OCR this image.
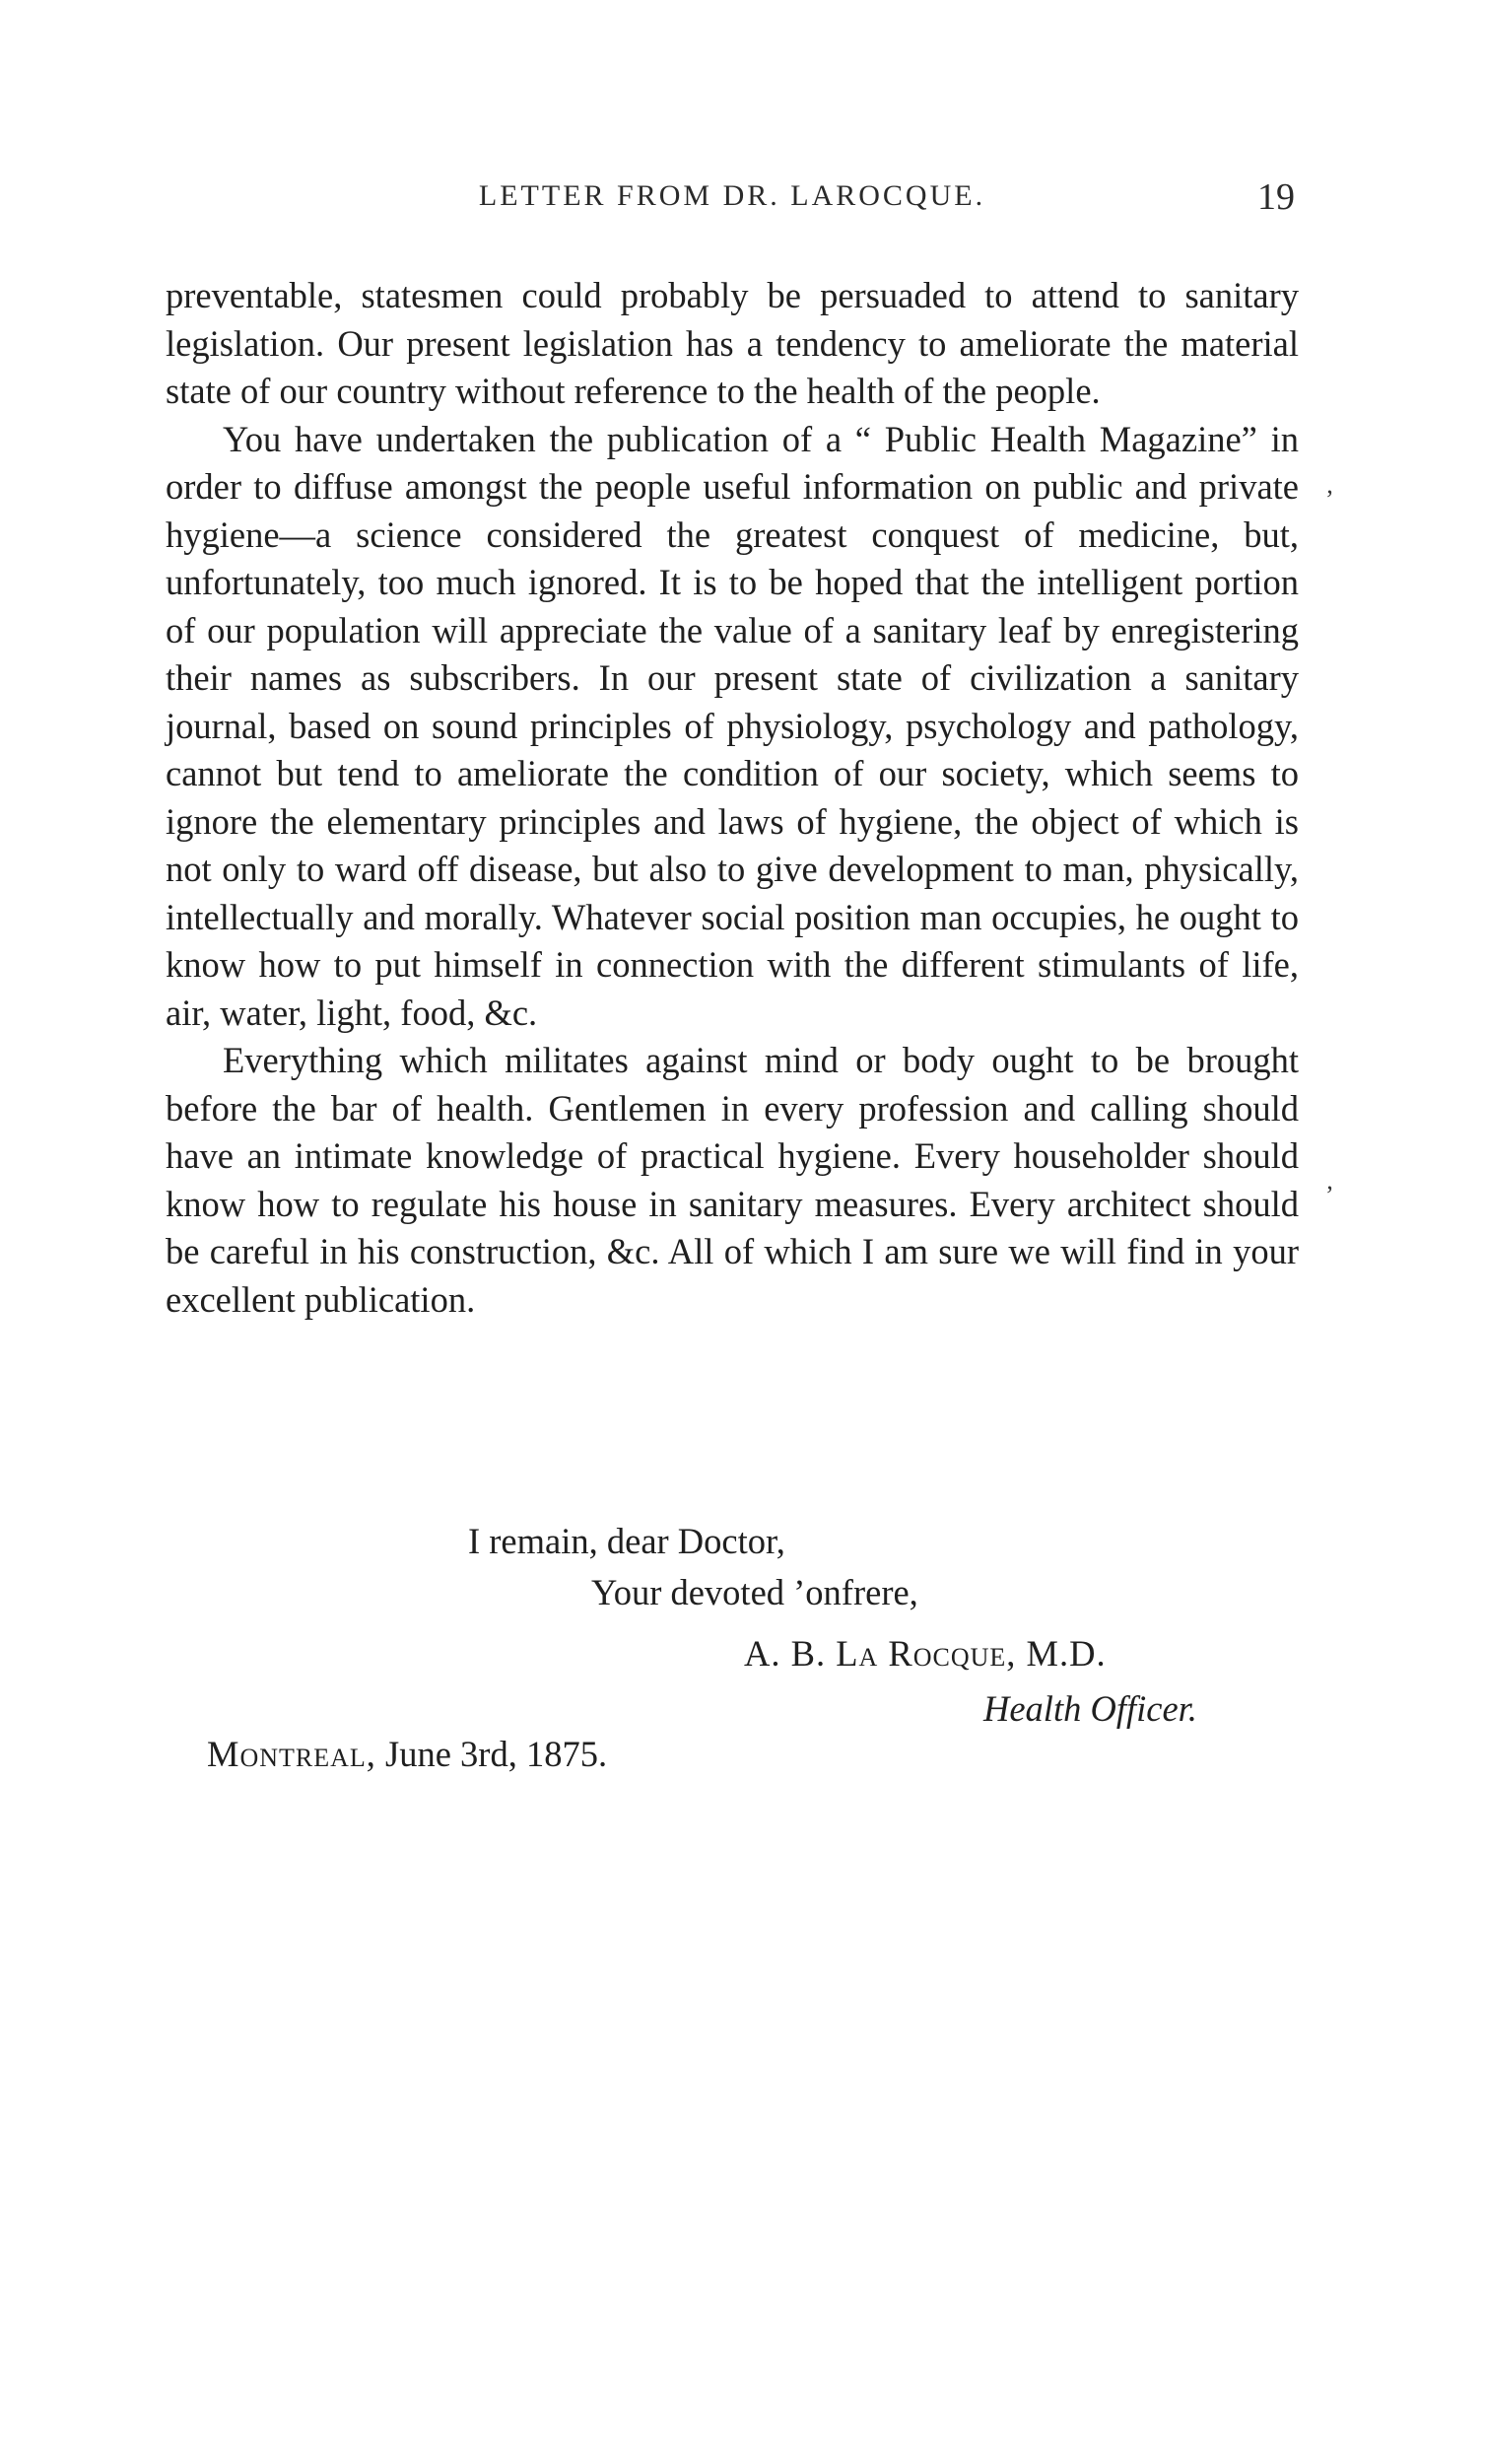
LETTER FROM DR. LAROCQUE.	19

preventable, statesmen could probably be persuaded to attend to sanitary legislation. Our present legislation has a tendency to ameliorate the material state of our country without reference to the health of the people.

You have undertaken the publication of a “ Public Health Magazine” in order to diffuse amongst the people useful information on public and private hygiene—a science considered the greatest conquest of medicine, but, unfortunately, too much ignored. It is to be hoped that the intelligent portion of our population will appreciate the value of a sanitary leaf by enregistering their names as subscribers. In our present state of civilization a sanitary journal, based on sound principles of physiology, psychology and pathology, cannot but tend to ameliorate the condition of our society, which seems to ignore the elementary principles and laws of hygiene, the object of which is not only to ward off disease, but also to give development to man, physically, intellectually and morally. Whatever social position man occupies, he ought to know how to put himself in connection with the different stimulants of life, air, water, light, food, &c.

Everything which militates against mind or body ought to be brought before the bar of health. Gentlemen in every profession and calling should have an intimate knowledge of practical hygiene. Every householder should know how to regulate his house in sanitary measures. Every architect should be careful in his construction, &c. All of which I am sure we will find in your excellent publication.

’
’
I remain, dear Doctor,
Your devoted ʼonfrere,
A. B. La Rocque, M.D.
Health Officer.
Montreal, June 3rd, 1875.
